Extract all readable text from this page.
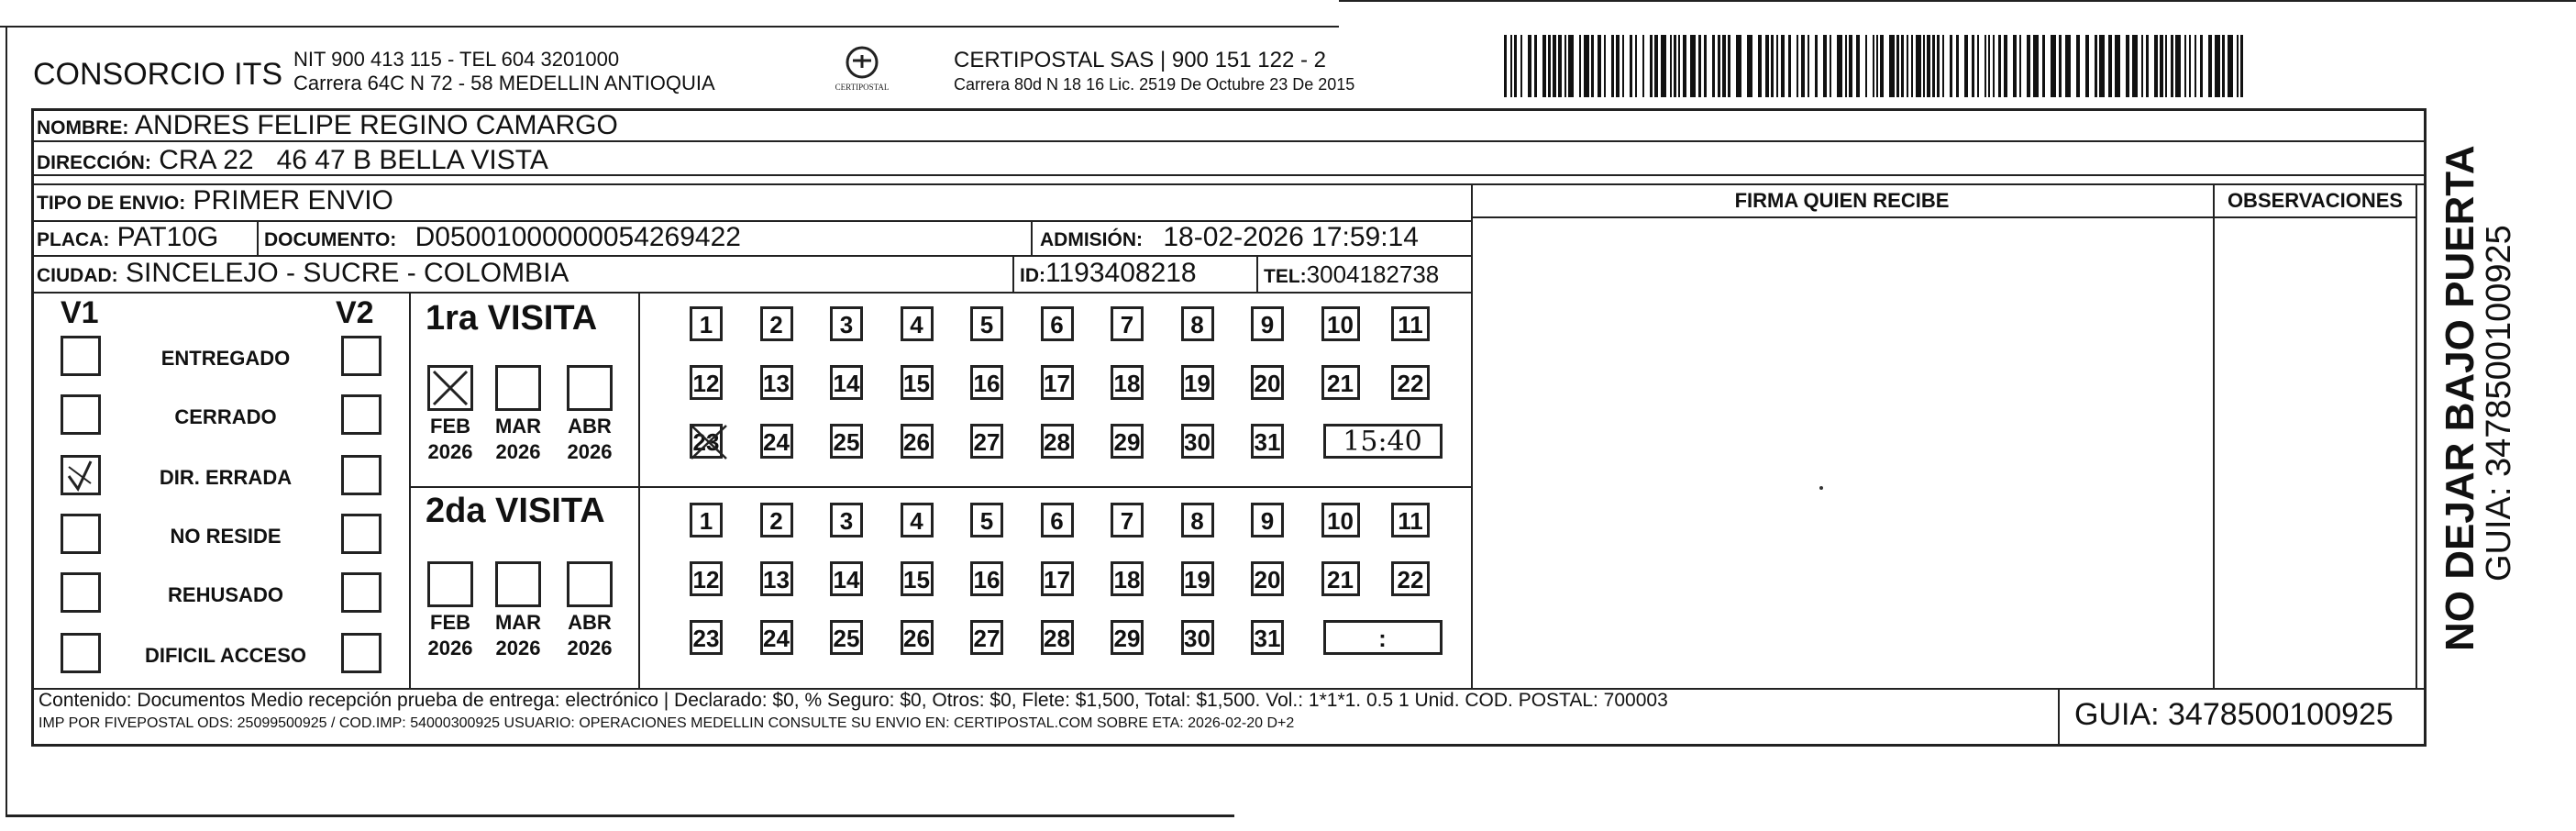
CONSORCIO ITS NIT 900 413 115 - TEL 604 3201000
Carrera 64C N 72 - 58 MEDELLIN ANTIOQUIA	CERTIPOSTAL
CERTIPOSTAL SAS | 900 151 122 - 2
Carrera 80d N 18 16 Lic. 2519 De Octubre 23 De 2015
FIRMA QUIEN RECIBE	OBSERVACIONES
NOMBRE: ANDRES FELIPE REGINO CAMARGO
DIRECCIÓN: CRA 22   46 47 B BELLA VISTA
TIPO DE ENVIO: PRIMER ENVIO
PLACA: PAT10G DOCUMENTO: D05001000000054269422	ADMISIÓN: 18-02-2026 17:59:14
CIUDAD: SINCELEJO - SUCRE - COLOMBIA	ID:1193408218	TEL:3004182738
V1	V2
ENTREGADO
CERRADO
DIR. ERRADA
NO RESIDE
REHUSADO
DIFICIL ACCESO
1ra VISITA
2da VISITA
FEB
2026
MAR
2026
ABR
2026
FEB
2026
MAR
2026
ABR
2026
1	2	3	4	5	6	7	8	9	10 11
12 13 14 15 16 17 18 19 20 21 22
23 24 25 26 27 28 29 30 31	15:40
1	2	3	4	5	6	7	8	9	10 11
12 13 14 15 16 17 18 19 20 21 22
23 24 25 26 27 28 29 30 31	:
Contenido: Documentos Medio recepción prueba de entrega: electrónico | Declarado: $0, % Seguro: $0, Otros: $0, Flete: $1,500, Total: $1,500. Vol.: 1*1*1. 0.5 1 Unid. COD. POSTAL: 700003
IMP POR FIVEPOSTAL ODS: 25099500925 / COD.IMP: 54000300925 USUARIO: OPERACIONES MEDELLIN CONSULTE SU ENVIO EN: CERTIPOSTAL.COM SOBRE ETA: 2026-02-20 D+2	GUIA: 3478500100925
NO DEJAR BAJO PUERTA
GUIA: 3478500100925
